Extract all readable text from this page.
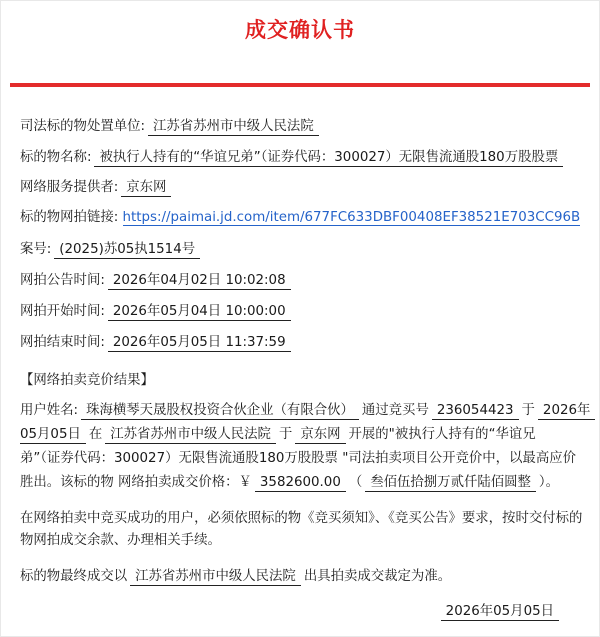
成交确认书
司法标的物处置单位: 江苏省苏州市中级人民法院
标的物名称: 被执行人持有的“华谊兄弟”（证券代码：300027）无限售流通股180万股股票
网络服务提供者: 京东网
标的物网拍链接: https://paimai.jd.com/item/677FC633DBF00408EF38521E703CC96B
案号: (2025)苏05执1514号
网拍公告时间: 2026年04月02日 10:02:08
网拍开始时间: 2026年05月04日 10:00:00
网拍结束时间: 2026年05月05日 11:37:59
【网络拍卖竞价结果】
用户姓名: 珠海横琴天晟股权投资合伙企业（有限合伙） 通过竞买号 236054423 于 2026年
05月05日 在 江苏省苏州市中级人民法院 于 京东网 开展的"被执行人持有的“华谊兄
弟”（证券代码：300027）无限售流通股180万股股票 "司法拍卖项目公开竞价中，以最高应价
胜出。该标的物 网络拍卖成交价格：￥ 3582600.00 （ 叁佰伍拾捌万贰仟陆佰圆整 ）。
在网络拍卖中竞买成功的用户，必须依照标的物《竞买须知》、《竞买公告》要求，按时交付标的物网拍成交余款、办理相关手续。
标的物最终成交以 江苏省苏州市中级人民法院 出具拍卖成交裁定为准。
2026年05月05日
